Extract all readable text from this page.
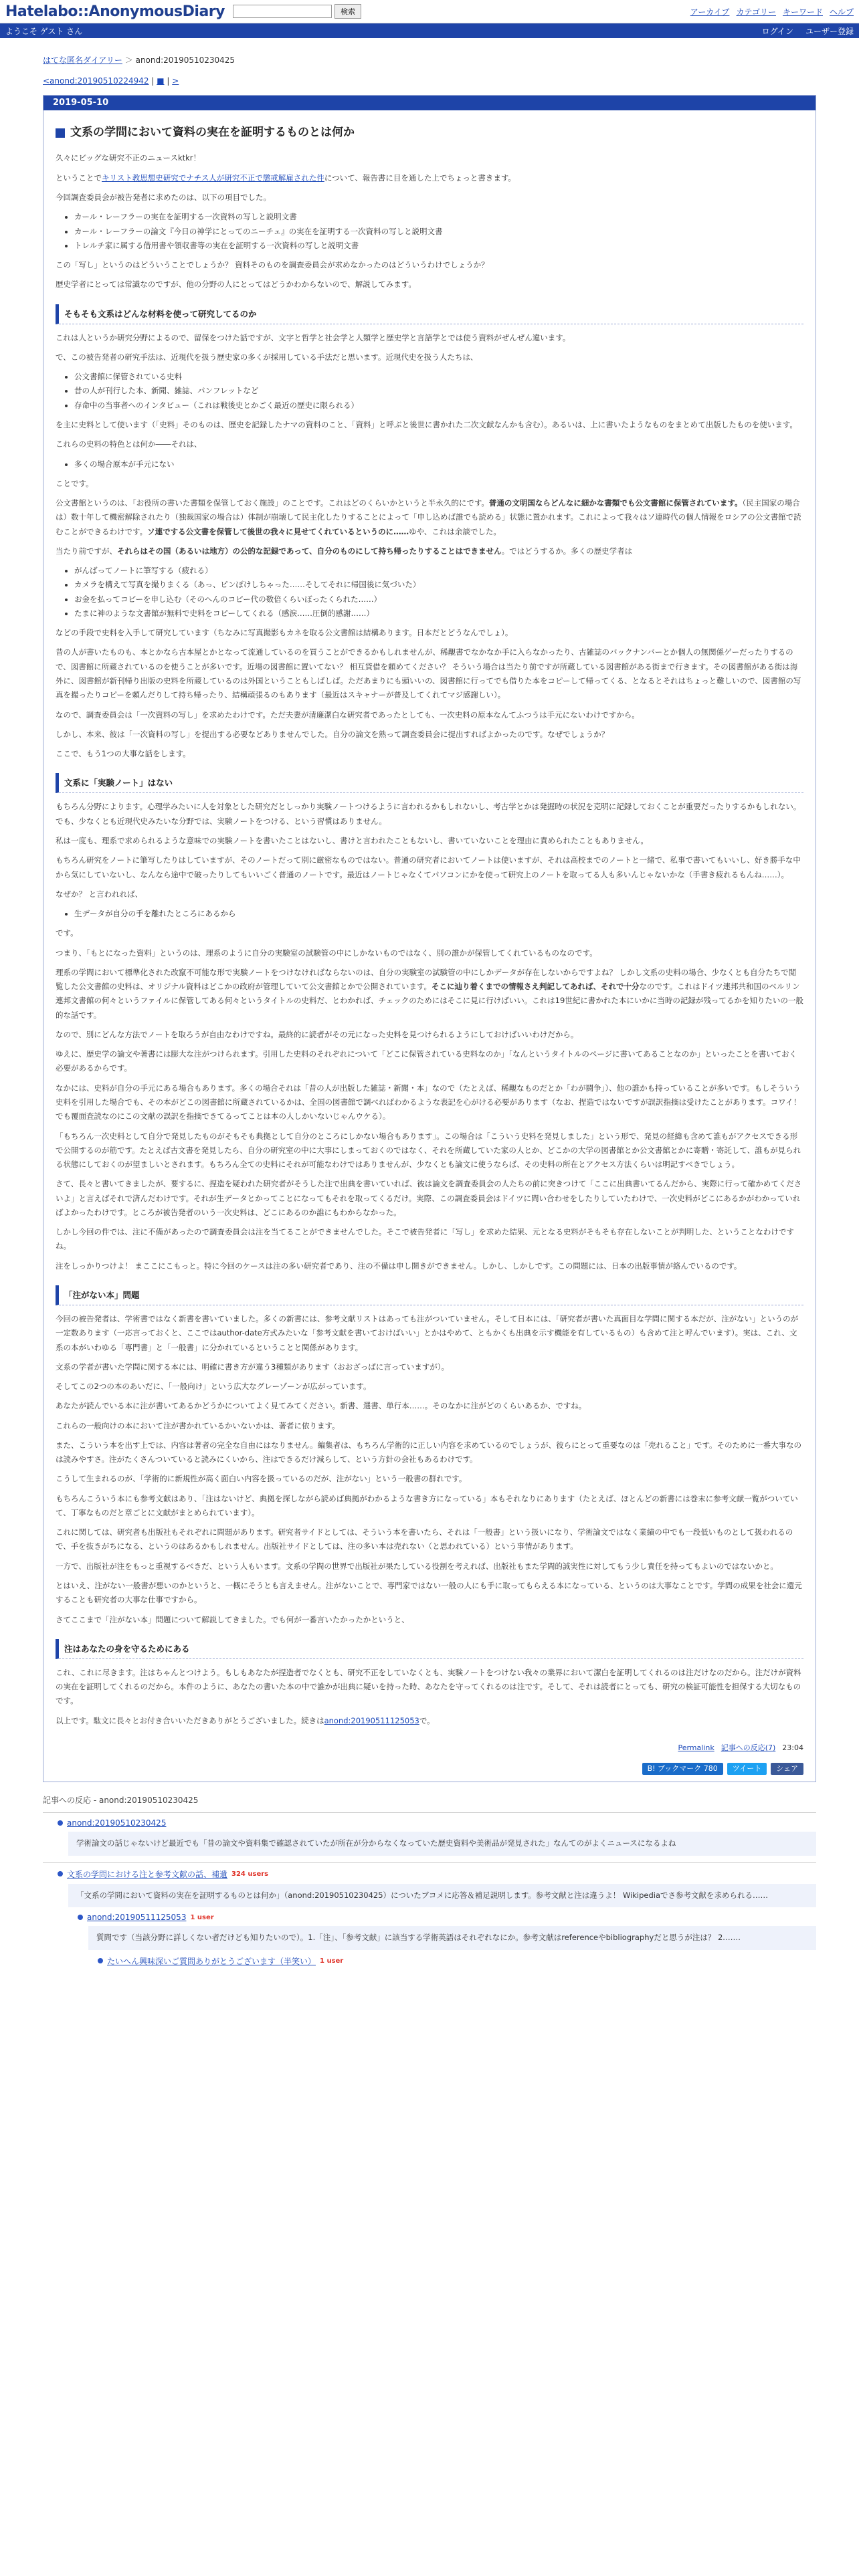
Hatelabo::AnonymousDiary	検索	アーカイブ カテゴリー キーワード ヘルプ
ようこそ ゲスト さん	ログイン ユーザー登録
はてな匿名ダイアリー ＞ anond:20190510230425
<anond:20190510224942 | ■ | >
2019-05-10
文系の学問において資料の実在を証明するものとは何か

久々にビッグな研究不正のニュースktkr！

ということでキリスト教思想史研究でナチス人が研究不正で懲戒解雇された件について、報告書に目を通した上でちょっと書きます。

今回調査委員会が被告発者に求めたのは、以下の項目でした。

• カール・レーフラーの実在を証明する一次資料の写しと説明文書
• カール・レーフラーの論文『今日の神学にとってのニーチェ』の実在を証明する一次資料の写しと説明文書
• トレルチ家に属する借用書や領収書等の実在を証明する一次資料の写しと説明文書

この「写し」というのはどういうことでしょうか？ 資料そのものを調査委員会が求めなかったのはどういうわけでしょうか？

歴史学者にとっては常識なのですが、他の分野の人にとってはどうかわからないので、解説してみます。

そもそも文系はどんな材料を使って研究してるのか

これは人というか研究分野によるので、留保をつけた話ですが、文字と哲学と社会学と人類学と歴史学と言語学とでは使う資料がぜんぜん違います。

で、この被告発者の研究手法は、近現代を扱う歴史家の多くが採用している手法だと思います。近現代史を扱う人たちは、

• 公文書館に保管されている史料
• 昔の人が刊行した本、新聞、雑誌、パンフレットなど
• 存命中の当事者へのインタビュー（これは戦後史とかごく最近の歴史に限られる）

を主に史料として使います（「史料」そのものは、歴史を記録したナマの資料のこと、「資料」と呼ぶと後世に書かれた二次文献なんかも含む）。あるいは、上に書いたようなものをまとめて出版したものを使います。

これらの史料の特色とは何か――それは、

• 多くの場合原本が手元にない

ことです。

公文書館というのは、「お役所の書いた書類を保管しておく施設」のことです。これはどのくらいかというと半永久的にです。普通の文明国ならどんなに細かな書類でも公文書館に保管されています。（民主国家の場合は）数十年して機密解除されたり（独裁国家の場合は）体制が崩壊して民主化したりすることによって「申し込めば誰でも読める」状態に置かれます。これによって我々はソ連時代の個人情報をロシアの公文書館で読むことができるわけです。ソ連でする公文書を保管して後世の我々に見せてくれているというのに……ゆや、これは余談でした。

当たり前ですが、それらはその国（あるいは地方）の公的な記録であって、自分のものにして持ち帰ったりすることはできません。ではどうするか。多くの歴史学者は

• がんばってノートに筆写する（疲れる）
• カメラを構えて写真を撮りまくる（あっ、ピンぼけしちゃった……そしてそれに帰国後に気づいた）
• お金を払ってコピーを申し込む（そのへんのコピー代の数倍くらいぼったくられた……）
• たまに神のような文書館が無料で史料をコピーしてくれる（感涙……圧倒的感謝……）

などの手段で史料を入手して研究しています（ちなみに写真撮影もカネを取る公文書館は結構あります。日本だとどうなんでしょ）。

昔の人が書いたものも、本とかなら古本屋とかとなって流通しているのを買うことができるかもしれませんが、稀覯書でなかなか手に入らなかったり、古雑誌のバックナンバーとか個人の無関係ゲーだったりするので、図書館に所蔵されているのを使うことが多いです。近場の図書館に置いてない？ 相互貸借を頼めてください？ そういう場合は当たり前ですが所蔵している図書館がある街まで行きます。その図書館がある街は海外に、図書館が新刊帰り出版の史料を所蔵しているのは外国ということもしばしば。ただあまりにも頭いいの、図書館に行ってでも借りた本をコピーして帰ってくる、となるとそれはちょっと難しいので、図書館の写真を撮ったりコピーを頼んだりして持ち帰ったり、結構頑張るのもあります（最近はスキャナーが普及してくれてマジ感謝しい）。

なので、調査委員会は「一次資料の写し」を求めたわけです。ただ夫妻が清廉潔白な研究者であったとしても、一次史料の原本なんてふつうは手元にないわけですから。

しかし、本来、彼は「一次資料の写し」を提出する必要などありませんでした。自分の論文を熟って調査委員会に提出すればよかったのです。なぜでしょうか？

ここで、もう1つの大事な話をします。

文系に「実験ノート」はない

もちろん分野によります。心理学みたいに人を対象とした研究だとしっかり実験ノートつけるように言われるかもしれないし、考古学とかは発掘時の状況を克明に記録しておくことが重要だったりするかもしれない。でも、少なくとも近現代史みたいな分野では、実験ノートをつける、という習慣はありません。

私は一度も、理系で求められるような意味での実験ノートを書いたことはないし、書けと言われたこともないし、書いていないことを理由に責められたこともありません。

もちろん研究をノートに筆写したりはしていますが、そのノートだって別に厳密なものではない。普通の研究者においてノートは使いますが、それは高校までのノートと一緒で、私事で書いてもいいし、好き勝手な中から気にしていないし、なんなら途中で破ったりしてもいいごく普通のノートです。最近はノートじゃなくてパソコンにかを使って研究上のノートを取ってる人も多いんじゃないかな（手書き疲れるもんね……）。

なぜか？ と言われれば、

• 生データが自分の手を離れたところにあるから

です。

つまり、「もとになった資料」というのは、理系のように自分の実験室の試験管の中にしかないものではなく、別の誰かが保管してくれているものなのです。

理系の学問において標準化された改竄不可能な形で実験ノートをつけなければならないのは、自分の実験室の試験管の中にしかデータが存在しないからですよね？ しかし文系の史料の場合、少なくとも自分たちで閲覧した公文書館の史料は、オリジナル資料はどこかの政府が管理していて公文書館とかで公開されています。そこに辿り着くまでの情報さえ判記してあれば、それで十分なのです。これはドイツ連邦共和国のベルリン連邦文書館の何々というファイルに保管してある何々というタイトルの史料だ、とわかれば、チェックのためにはそこに見に行けばいい。これは19世紀に書かれた本にいかに当時の記録が残ってるかを知りたいの一般的な話です。

なので、別にどんな方法でノートを取ろうが自由なわけですね。最終的に読者がその元になった史料を見つけられるようにしておけばいいわけだから。

ゆえに、歴史学の論文や著書には膨大な注がつけられます。引用した史料のそれぞれについて「どこに保管されている史料なのか」「なんというタイトルのページに書いてあることなのか」といったことを書いておく必要があるからです。

なかには、史料が自分の手元にある場合もあります。多くの場合それは「昔の人が出版した雑誌・新聞・本」なので（たとえば、稀覯なものだとか「わが闘争」）、他の誰かも持っていることが多いです。もしそういう史料を引用した場合でも、その本がどこの図書館に所蔵されているかは、全国の図書館で調べればわかるような表記を心がける必要があります（なお、捏造ではないですが誤訳指摘は受けたことがあります。コワイ！ でも覆面査読なのにこの文献の誤訳を指摘できてるってことは本の人しかいないじゃんウケる）。

「もちろん一次史料として自分で発見したものがそもそも典拠として自分のところにしかない場合もあります」。この場合は「こういう史料を発見しました」という形で、発見の経緯も含めて誰もがアクセスできる形で公開するのが筋です。たとえば古文書を発見したら、自分の研究室の中に大事にしまっておくのではなく、それを所蔵していた家の人とか、どこかの大学の図書館とか公文書館とかに寄贈・寄託して、誰もが見られる状態にしておくのが望ましいとされます。もちろん全ての史料にそれが可能なわけではありませんが、少なくとも論文に使うならば、その史料の所在とアクセス方法くらいは明記すべきでしょう。

さて、長々と書いてきましたが、要するに、捏造を疑われた研究者がそうした注で出典を書いていれば、彼は論文を調査委員会の人たちの前に突きつけて「ここに出典書いてるんだから、実際に行って確かめてくださいよ」と言えばそれで済んだわけです。それが生データとかってことになってもそれを取ってくるだけ。実際、この調査委員会はドイツに問い合わせをしたりしていたわけで、一次史料がどこにあるかがわかっていればよかったわけです。ところが被告発者のいう一次史料は、どこにあるのか誰にもわからなかった。

しかし今回の件では、注に不備があったので調査委員会は注を当てることができませんでした。そこで被告発者に「写し」を求めた結果、元となる史料がそもそも存在しないことが判明した、ということなわけですね。

注をしっかりつけよ！ まここにこもっと。特に今回のケースは注の多い研究者であり、注の不備は申し開きができません。しかし、しかしです。この問題には、日本の出版事情が絡んでいるのです。

「注がない本」問題

今回の被告発者は、学術書ではなく新書を書いていました。多くの新書には、参考文献リストはあっても注がついていません。そして日本には、「研究者が書いた真面目な学問に関する本だが、注がない」というのが一定数あります（一応言っておくと、ここではauthor-date方式みたいな「参考文献を書いておけばいい」とかはやめて、ともかくも出典を示す機能を有しているもの）も含めて注と呼んでいます）。実は、これ、文系の本がいわゆる「専門書」と「一般書」に分かれているということと関係があります。

文系の学者が書いた学問に関する本には、明確に書き方が違う3種類があります（おおざっぱに言っていますが）。

そしてこの2つの本のあいだに、「一般向け」という広大なグレーゾーンが広がっています。

あなたが読んでいる本に注が書いてあるかどうかについてよく見てみてください。新書、選書、単行本……。そのなかに注がどのくらいあるか、ですね。

これらの一般向けの本において注が書かれているかいないかは、著者に依ります。

また、こういう本を出す上では、内容は著者の完全な自由にはなりません。編集者は、もちろん学術的に正しい内容を求めているのでしょうが、彼らにとって重要なのは「売れること」です。そのために一番大事なのは読みやすさ。注がたくさんついていると読みにくいから、注はできるだけ減らして、という方針の会社もあるわけです。

こうして生まれるのが、「学術的に新規性が高く面白い内容を扱っているのだが、注がない」という一般書の群れです。

もちろんこういう本にも参考文献はあり、「注はないけど、典拠を探しながら読めば典拠がわかるような書き方になっている」本もそれなりにあります（たとえば、ほとんどの新書には巻末に参考文献一覧がついていて、丁寧なものだと章ごとに文献がまとめられています）。

これに関しては、研究者も出版社もそれぞれに問題があります。研究者サイドとしては、そういう本を書いたら、それは「一般書」という扱いになり、学術論文ではなく業績の中でも一段低いものとして扱われるので、手を抜きがちになる、というのはあるかもしれません。出版社サイドとしては、注の多い本は売れない（と思われている）という事情があります。

一方で、出版社が注をもっと重視するべきだ、という人もいます。文系の学問の世界で出版社が果たしている役割を考えれば、出版社もまた学問的誠実性に対してもう少し責任を持ってもよいのではないかと。

とはいえ、注がない一般書が悪いのかというと、一概にそうとも言えません。注がないことで、専門家ではない一般の人にも手に取ってもらえる本になっている、というのは大事なことです。学問の成果を社会に還元することも研究者の大事な仕事ですから。

さてここまで「注がない本」問題について解説してきました。でも何が一番言いたかったかというと、

注はあなたの身を守るためにある

これ、これに尽きます。注はちゃんとつけよう。もしもあなたが捏造者でなくとも、研究不正をしていなくとも、実験ノートをつけない我々の業界において潔白を証明してくれるのは注だけなのだから。注だけが資料の実在を証明してくれるのだから。本件のように、あなたの書いた本の中で誰かが出典に疑いを持った時、あなたを守ってくれるのは注です。そして、それは読者にとっても、研究の検証可能性を担保する大切なものです。

以上です。駄文に長々とお付き合いいただきありがとうございました。続きはanond:20190511125053で。

Permalink 記事への反応(7) 23:04
B! ブックマーク 780	ツイート	シェア
記事への反応 - anond:20190510230425
anond:20190510230425
学術論文の話じゃないけど最近でも「昔の論文や資料集で確認されていたが所在が分からなくなっていた歴史資料や美術品が発見された」なんてのがよくニュースになるよね
文系の学問における注と参考文献の話、補遺 324 users
「文系の学問において資料の実在を証明するものとは何か」（anond:20190510230425）についたブコメに応答＆補足説明します。参考文献と注は違うよ！ Wikipediaでさ参考文献を求められる……
anond:20190511125053 1 user
質問です（当該分野に詳しくない者だけども知りたいので）。1.「注」、「参考文献」に該当する学術英語はそれぞれなにか。参考文献はreferenceやbibliographyだと思うが注は？ 2.……
たいへん興味深いご質問ありがとうございます（半笑い） 1 user
